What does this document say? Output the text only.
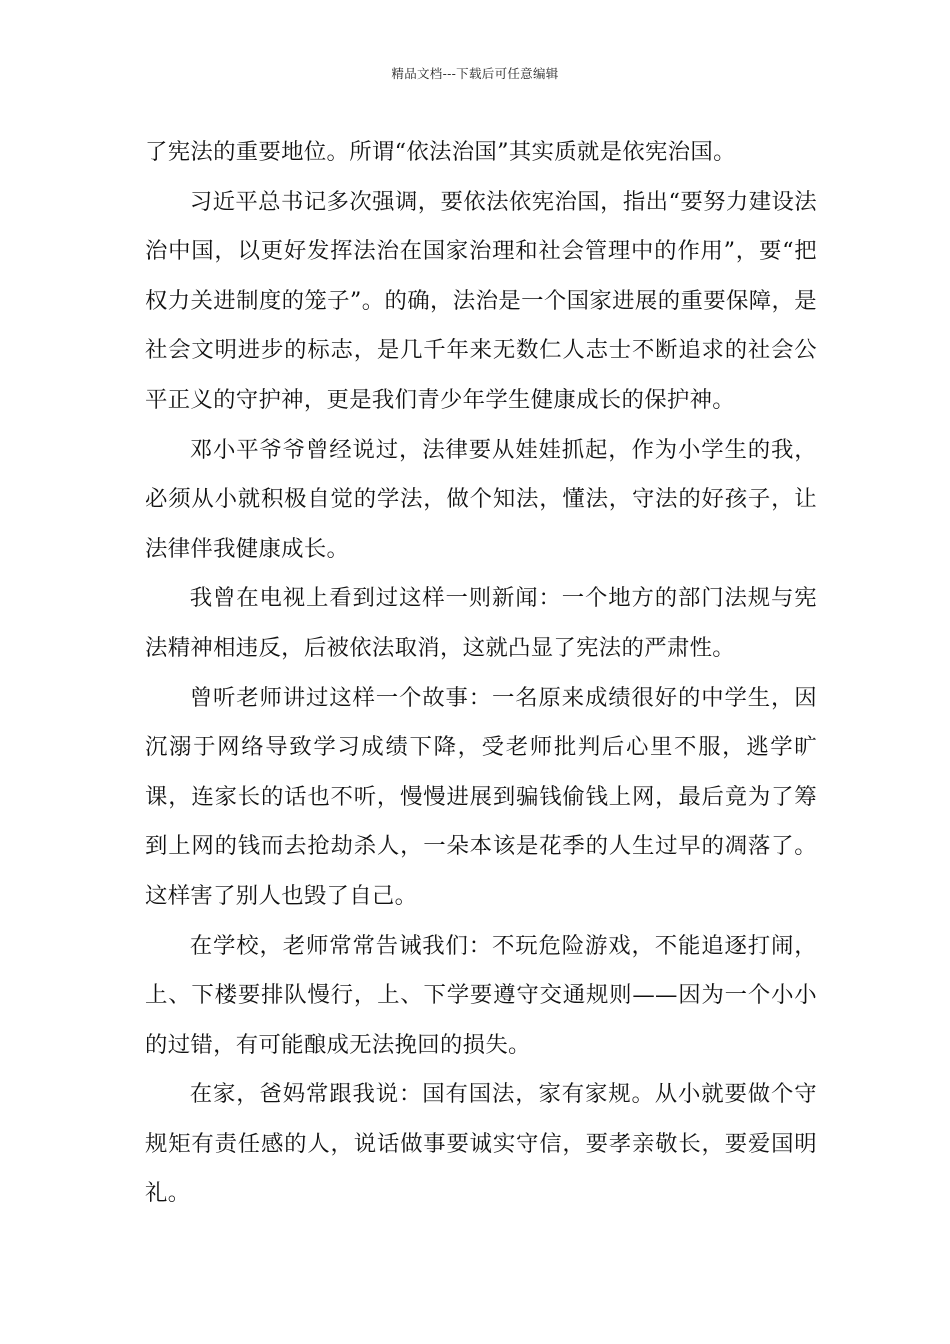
精品文档---下载后可任意编辑

了宪法的重要地位。所谓“依法治国”其实质就是依宪治国。

习近平总书记多次强调，要依法依宪治国，指出“要努力建设法治中国，以更好发挥法治在国家治理和社会管理中的作用”，要“把权力关进制度的笼子”。的确，法治是一个国家进展的重要保障，是社会文明进步的标志，是几千年来无数仁人志士不断追求的社会公平正义的守护神，更是我们青少年学生健康成长的保护神。

邓小平爷爷曾经说过，法律要从娃娃抓起，作为小学生的我，必须从小就积极自觉的学法，做个知法，懂法，守法的好孩子，让法律伴我健康成长。

我曾在电视上看到过这样一则新闻：一个地方的部门法规与宪法精神相违反，后被依法取消，这就凸显了宪法的严肃性。

曾听老师讲过这样一个故事：一名原来成绩很好的中学生，因沉溺于网络导致学习成绩下降，受老师批判后心里不服，逃学旷课，连家长的话也不听，慢慢进展到骗钱偷钱上网，最后竟为了筹到上网的钱而去抢劫杀人，一朵本该是花季的人生过早的凋落了。这样害了别人也毁了自己。

在学校，老师常常告诫我们：不玩危险游戏，不能追逐打闹，上、下楼要排队慢行，上、下学要遵守交通规则——因为一个小小的过错，有可能酿成无法挽回的损失。

在家，爸妈常跟我说：国有国法，家有家规。从小就要做个守规矩有责任感的人，说话做事要诚实守信，要孝亲敬长，要爱国明礼。
